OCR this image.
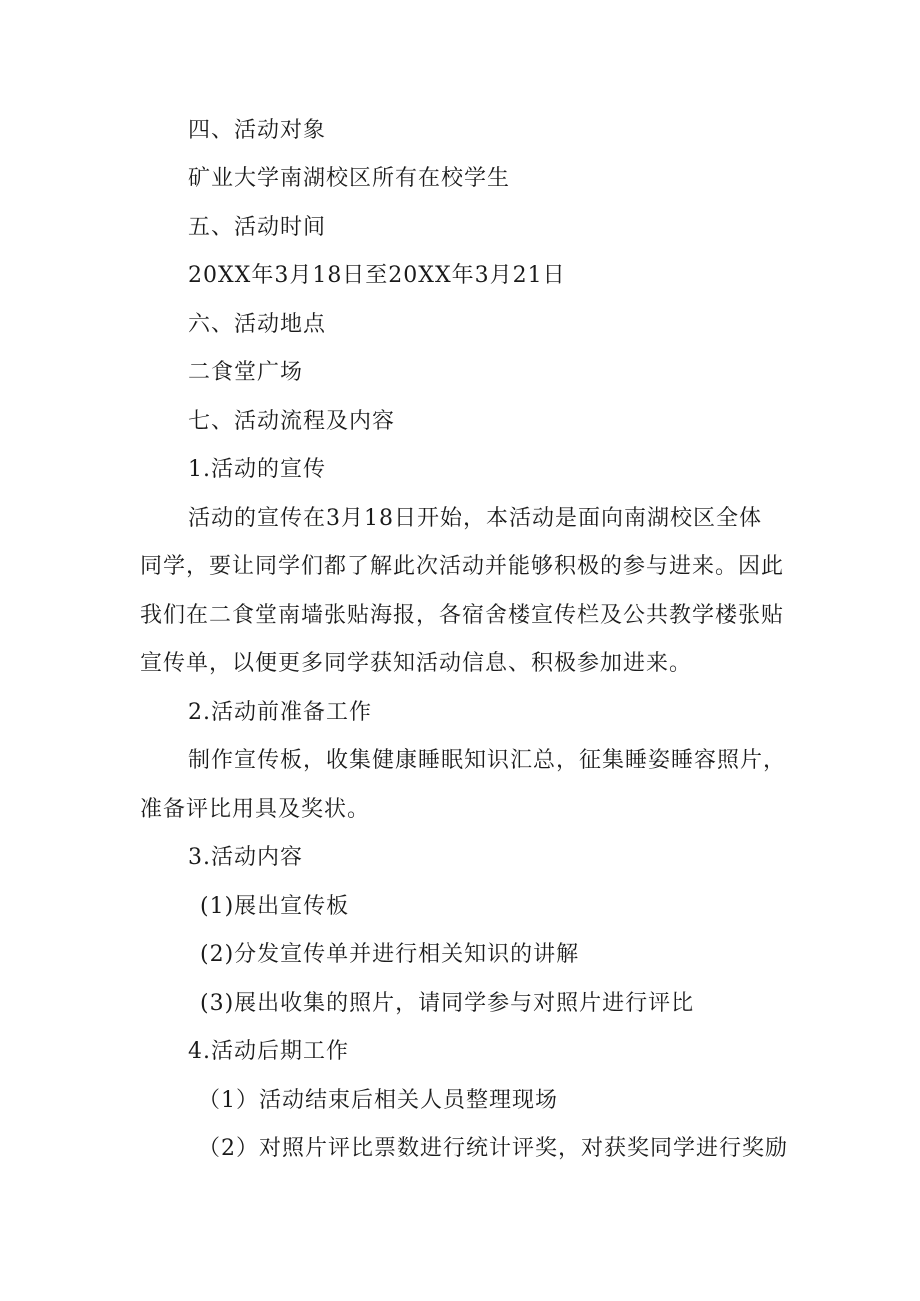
四、活动对象
矿业大学南湖校区所有在校学生
五、活动时间
20XX年3月18日至20XX年3月21日
六、活动地点
二食堂广场
七、活动流程及内容
1.活动的宣传
活动的宣传在3月18日开始，本活动是面向南湖校区全体
同学，要让同学们都了解此次活动并能够积极的参与进来。因此
我们在二食堂南墙张贴海报，各宿舍楼宣传栏及公共教学楼张贴
宣传单，以便更多同学获知活动信息、积极参加进来。
2.活动前准备工作
制作宣传板，收集健康睡眠知识汇总，征集睡姿睡容照片，
准备评比用具及奖状。
3.活动内容
(1)展出宣传板
(2)分发宣传单并进行相关知识的讲解
(3)展出收集的照片，请同学参与对照片进行评比
4.活动后期工作
（1）活动结束后相关人员整理现场
（2）对照片评比票数进行统计评奖，对获奖同学进行奖励
